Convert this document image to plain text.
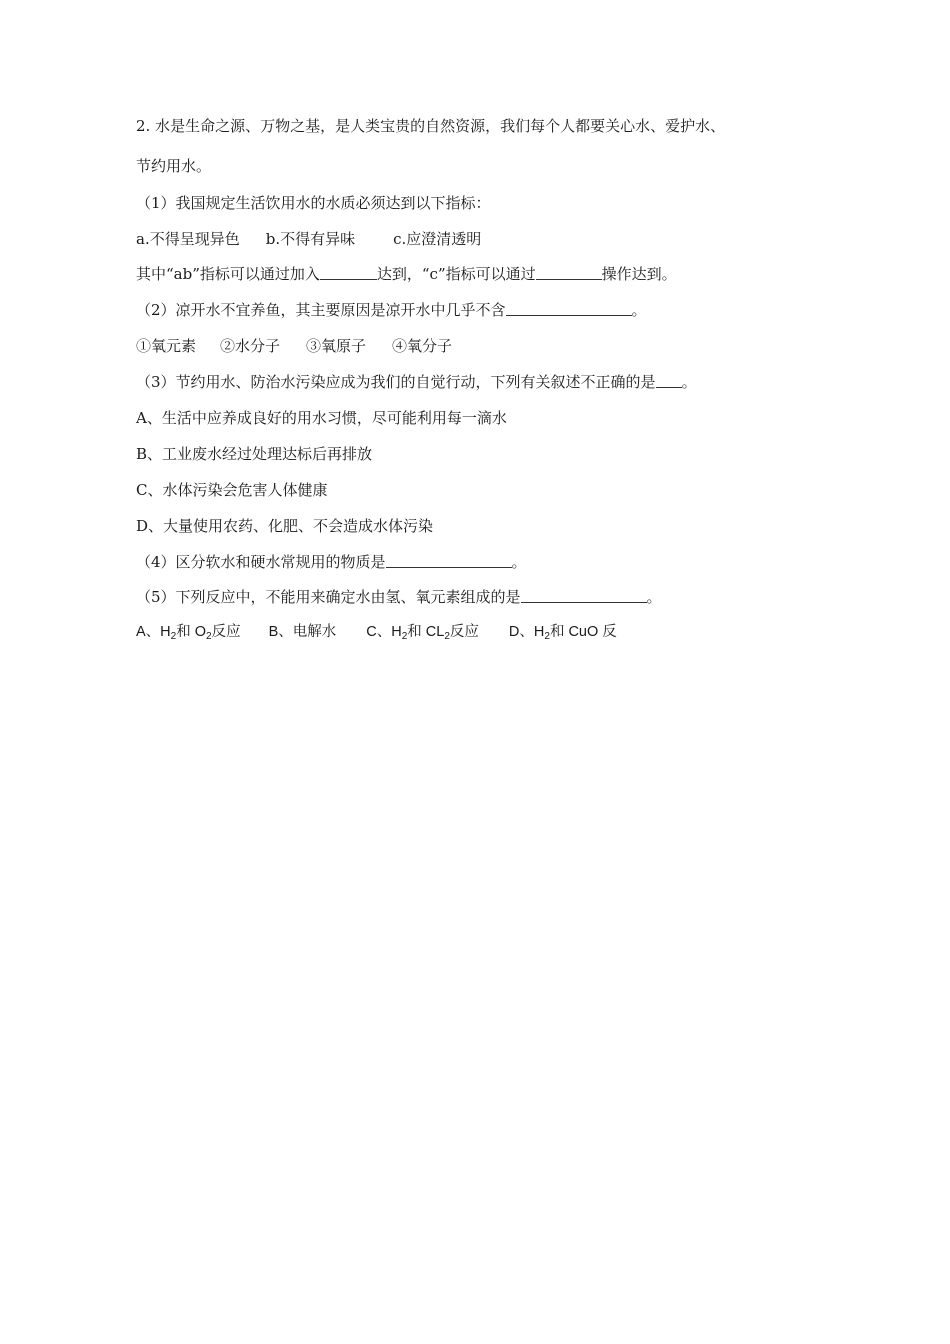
2. 水是生命之源、万物之基，是人类宝贵的自然资源，我们每个人都要关心水、爱护水、
节约用水。
（1）我国规定生活饮用水的水质必须达到以下指标：
a.不得呈现异色 b.不得有异味	c.应澄清透明
其中“ab”指标可以通过加入	达到，“c”指标可以通过	操作达到。
（2）凉开水不宜养鱼，其主要原因是凉开水中几乎不含	。
①氧元素 ②水分子 ③氧原子 ④氧分子
（3）节约用水、防治水污染应成为我们的自觉行动，下列有关叙述不正确的是 。
A、生活中应养成良好的用水习惯，尽可能利用每一滴水
B、工业废水经过处理达标后再排放
C、水体污染会危害人体健康
D、大量使用农药、化肥、不会造成水体污染
（4）区分软水和硬水常规用的物质是	。
（5）下列反应中，不能用来确定水由氢、氧元素组成的是	。
A、$H_2$和 $O_2$反应 B、电解水 C、$H_2$和 $CL_2$反应 D、$H_2$和 CuO 反
